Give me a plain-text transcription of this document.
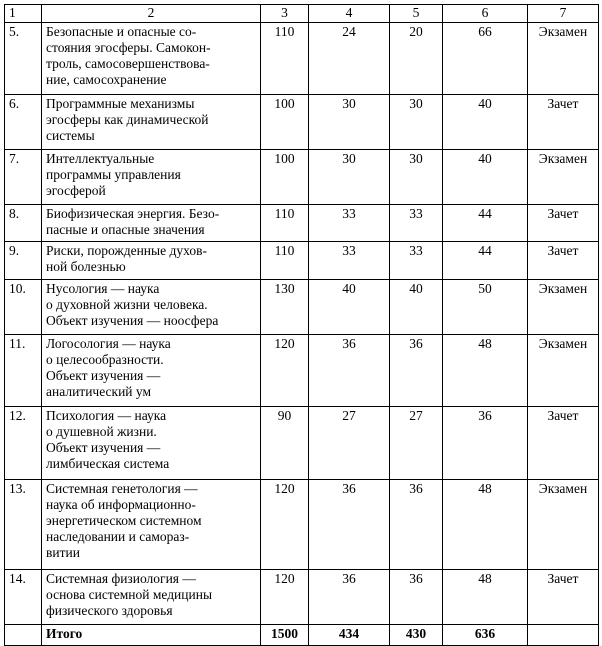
1	2	3	4	5	6	7
5.	Безопасные и опасные со-
стояния эгосферы. Самокон-
троль, самосовершенствова-
ние, самосохранение	110	24	20	66	Экзамен
6.	Программные механизмы
эгосферы как динамической
системы	100	30	30	40	Зачет
7.	Интеллектуальные
программы управления
эгосферой	100	30	30	40	Экзамен
8.	Биофизическая энергия. Безо-
пасные и опасные значения	110	33	33	44	Зачет
9.	Риски, порожденные духов-
ной болезнью	110	33	33	44	Зачет
10.	Нусология — наука
о духовной жизни человека.
Объект изучения — ноосфера	130	40	40	50	Экзамен
11.	Логосология — наука
о целесообразности.
Объект изучения —
аналитический ум	120	36	36	48	Экзамен
12.	Психология — наука
о душевной жизни.
Объект изучения —
лимбическая система	90	27	27	36	Зачет
13.	Системная генетология —
наука об информационно-
энергетическом системном
наследовании и самораз-
витии	120	36	36	48	Экзамен
14.	Системная физиология —
основа системной медицины
физического здоровья	120	36	36	48	Зачет
	Итого	1500	434	430	636	
